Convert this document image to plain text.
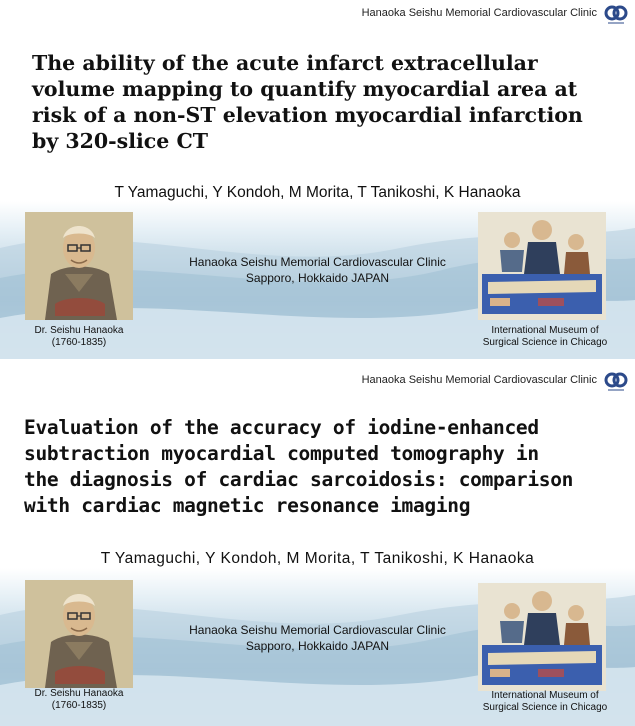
Hanaoka Seishu Memorial Cardiovascular Clinic
The ability of the acute infarct extracellular
volume mapping to quantify myocardial area at
risk of a non-ST elevation myocardial infarction
by 320-slice CT
T Yamaguchi, Y Kondoh, M Morita, T Tanikoshi, K Hanaoka
Hanaoka Seishu Memorial Cardiovascular Clinic
Sapporo, Hokkaido JAPAN
Dr. Seishu Hanaoka
(1760-1835)
International Museum of
Surgical Science in Chicago
Hanaoka Seishu Memorial Cardiovascular Clinic
Evaluation of the accuracy of iodine-enhanced
subtraction myocardial computed tomography in
the diagnosis of cardiac sarcoidosis: comparison
with cardiac magnetic resonance imaging
T Yamaguchi, Y Kondoh, M Morita, T Tanikoshi, K Hanaoka
Hanaoka Seishu Memorial Cardiovascular Clinic
Sapporo, Hokkaido JAPAN
Dr. Seishu Hanaoka
(1760-1835)
International Museum of
Surgical Science in Chicago
